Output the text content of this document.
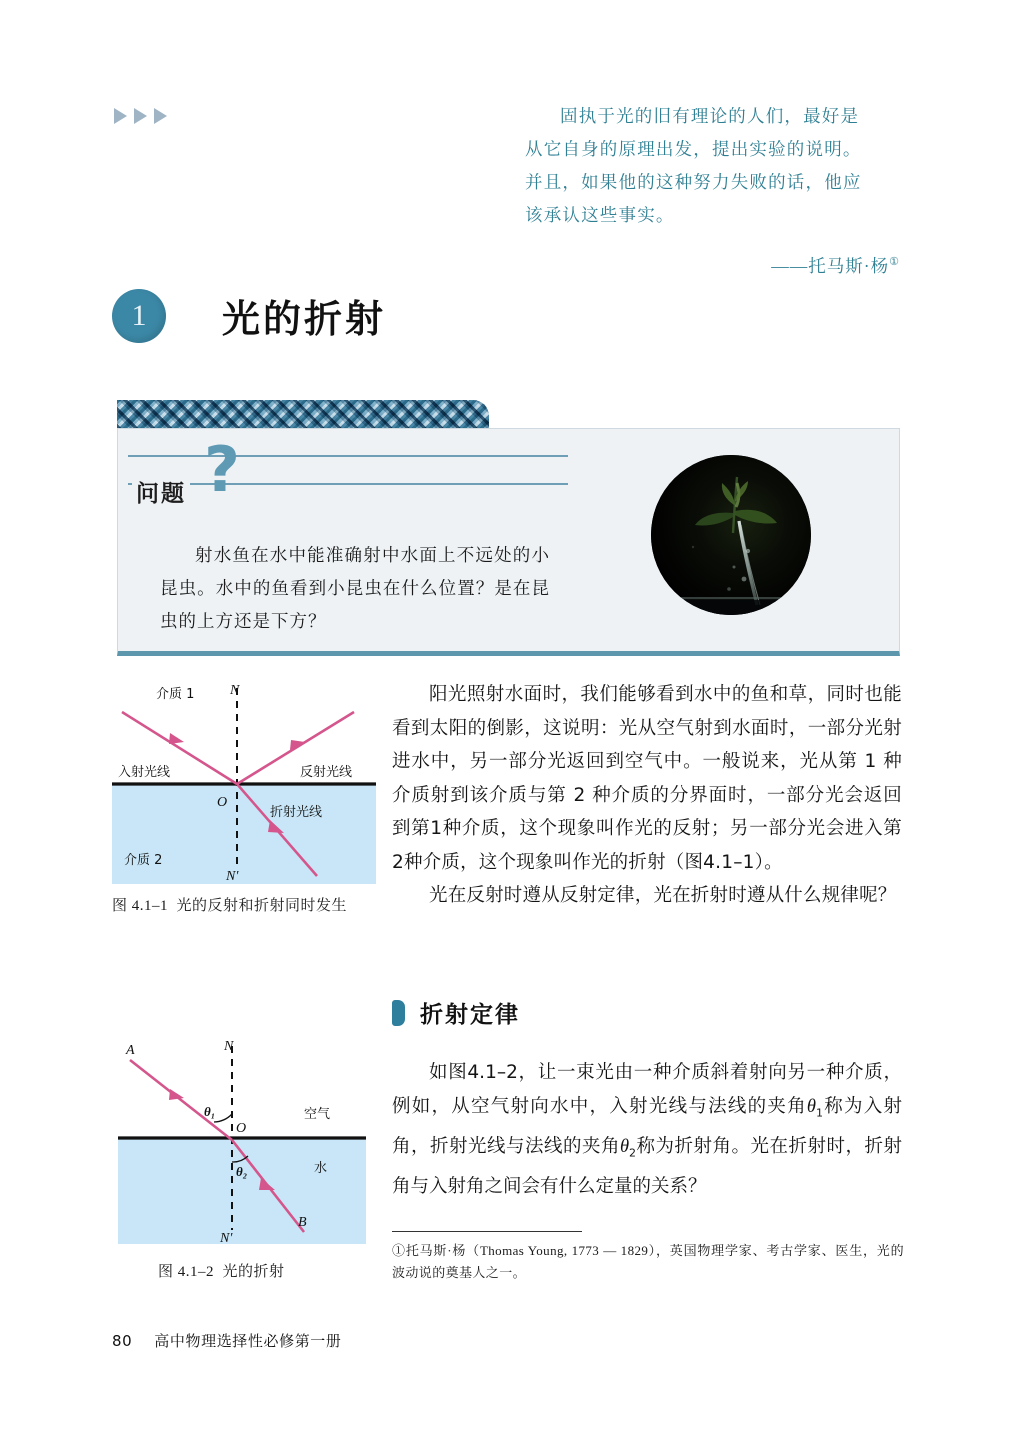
固执于光的旧有理论的人们，最好是

从它自身的原理出发，提出实验的说明。

并且，如果他的这种努力失败的话，他应

该承认这些事实。

——托马斯·杨①

1	光的折射
问题 ?
射水鱼在水中能准确射中水面上不远处的小昆虫。水中的鱼看到小昆虫在什么位置？是在昆虫的上方还是下方？
介质 1
入射光线	反射光线
折射光线
介质 2
N
N′
O
图 4.1–1 光的反射和折射同时发生
A
B
N
N′
O
θ₁
θ₂
空气
水
图 4.1–2 光的折射

阳光照射水面时，我们能够看到水中的鱼和草，同时也能看到太阳的倒影，这说明：光从空气射到水面时，一部分光射进水中，另一部分光返回到空气中。一般说来，光从第 1 种介质射到该介质与第 2 种介质的分界面时，一部分光会返回到第1种介质，这个现象叫作光的反射；另一部分光会进入第2种介质，这个现象叫作光的折射（图4.1–1）。

光在反射时遵从反射定律，光在折射时遵从什么规律呢？

折射定律

如图4.1–2，让一束光由一种介质斜着射向另一种介质，例如，从空气射向水中，入射光线与法线的夹角$\theta_1$称为入射角，折射光线与法线的夹角$\theta_2$称为折射角。光在折射时，折射角与入射角之间会有什么定量的关系？

①托马斯·杨（Thomas Young, 1773 — 1829），英国物理学家、考古学家、医生，光的波动说的奠基人之一。
80 高中物理选择性必修第一册
